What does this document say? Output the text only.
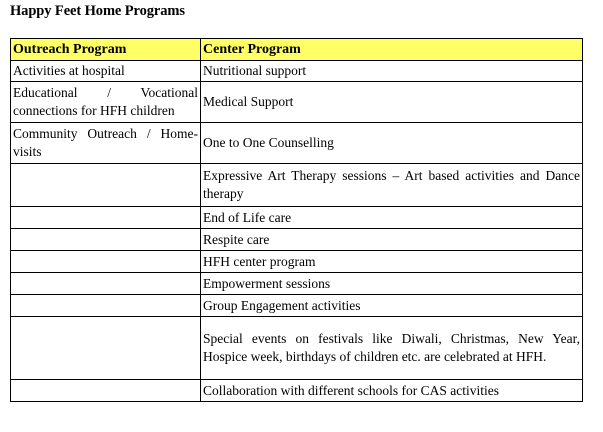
Happy Feet Home Programs
Outreach Program	Center Program
Activities at hospital	Nutritional support
Educational / Vocational connections for HFH children	Medical Support
Community Outreach / Home-visits	One to One Counselling
	Expressive Art Therapy sessions – Art based activities and Dance therapy
	End of Life care
	Respite care
	HFH center program
	Empowerment sessions
	Group Engagement activities
	Special events on festivals like Diwali, Christmas, New Year, Hospice week, birthdays of children etc. are celebrated at HFH.
	Collaboration with different schools for CAS activities
